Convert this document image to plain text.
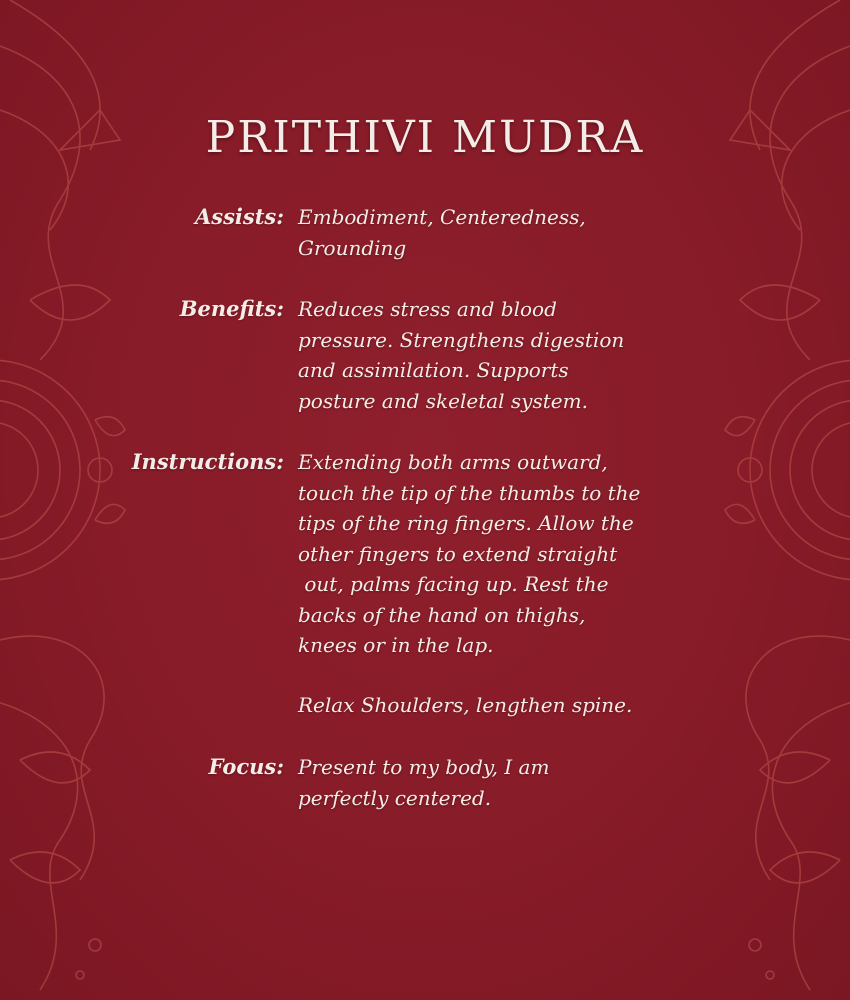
PRITHIVI MUDRA
Assists: Embodiment, Centeredness,
Grounding
Benefits: Reduces stress and blood
pressure. Strengthens digestion
and assimilation. Supports
posture and skeletal system.
Instructions: Extending both arms outward,
touch the tip of the thumbs to the
tips of the ring fingers. Allow the
other fingers to extend straight
out, palms facing up. Rest the
backs of the hand on thighs,
knees or in the lap.
Relax Shoulders, lengthen spine.
Focus: Present to my body, I am
perfectly centered.
